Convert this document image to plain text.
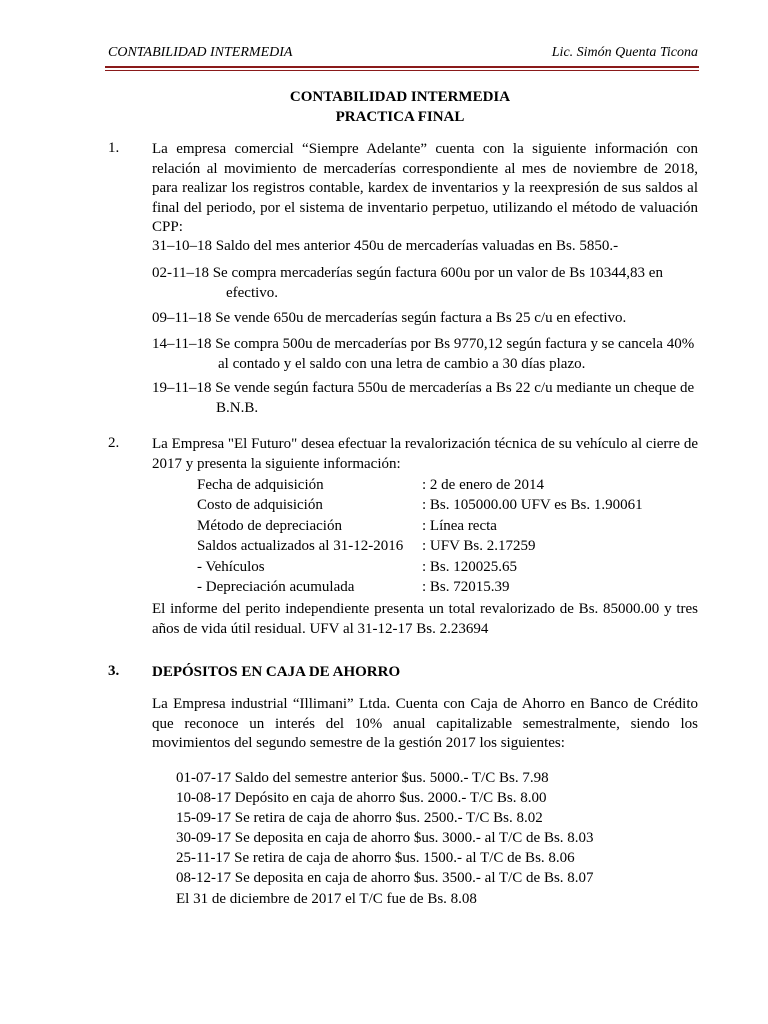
CONTABILIDAD INTERMEDIA	Lic. Simón Quenta Ticona
CONTABILIDAD INTERMEDIA
PRACTICA FINAL
1. La empresa comercial “Siempre Adelante” cuenta con la siguiente información con relación al movimiento de mercaderías correspondiente al mes de noviembre de 2018, para realizar los registros contable, kardex de inventarios y la reexpresión de sus saldos al final del periodo, por el sistema de inventario perpetuo, utilizando el método de valuación CPP:
31–10–18 Saldo del mes anterior 450u de mercaderías valuadas en Bs. 5850.-
02-11–18 Se compra mercaderías según factura 600u por un valor de Bs 10344,83 en
efectivo.
09–11–18 Se vende 650u de mercaderías según factura a Bs 25 c/u en efectivo.
14–11–18 Se compra 500u de mercaderías por Bs 9770,12 según factura y se cancela 40%
al contado y el saldo con una letra de cambio a 30 días plazo.
19–11–18 Se vende según factura 550u de mercaderías a Bs 22 c/u mediante un cheque de
B.N.B.
2. La Empresa "El Futuro" desea efectuar la revalorización técnica de su vehículo al cierre de 2017 y presenta la siguiente información:
Fecha de adquisición	: 2 de enero de 2014
Costo de adquisición	: Bs. 105000.00 UFV es Bs. 1.90061
Método de depreciación	: Línea recta
Saldos actualizados al 31-12-2016 : UFV Bs. 2.17259
- Vehículos	: Bs. 120025.65
- Depreciación acumulada	: Bs. 72015.39
El informe del perito independiente presenta un total revalorizado de Bs. 85000.00 y tres años de vida útil residual. UFV al 31-12-17 Bs. 2.23694
3. DEPÓSITOS EN CAJA DE AHORRO
La Empresa industrial “Illimani” Ltda. Cuenta con Caja de Ahorro en Banco de Crédito que reconoce un interés del 10% anual capitalizable semestralmente, siendo los movimientos del segundo semestre de la gestión 2017 los siguientes:
01-07-17 Saldo del semestre anterior $us. 5000.- T/C Bs. 7.98
10-08-17 Depósito en caja de ahorro $us. 2000.- T/C Bs. 8.00
15-09-17 Se retira de caja de ahorro $us. 2500.- T/C Bs. 8.02
30-09-17 Se deposita en caja de ahorro $us. 3000.- al T/C de Bs. 8.03
25-11-17 Se retira de caja de ahorro $us. 1500.- al T/C de Bs. 8.06
08-12-17 Se deposita en caja de ahorro $us. 3500.- al T/C de Bs. 8.07
El 31 de diciembre de 2017 el T/C fue de Bs. 8.08
